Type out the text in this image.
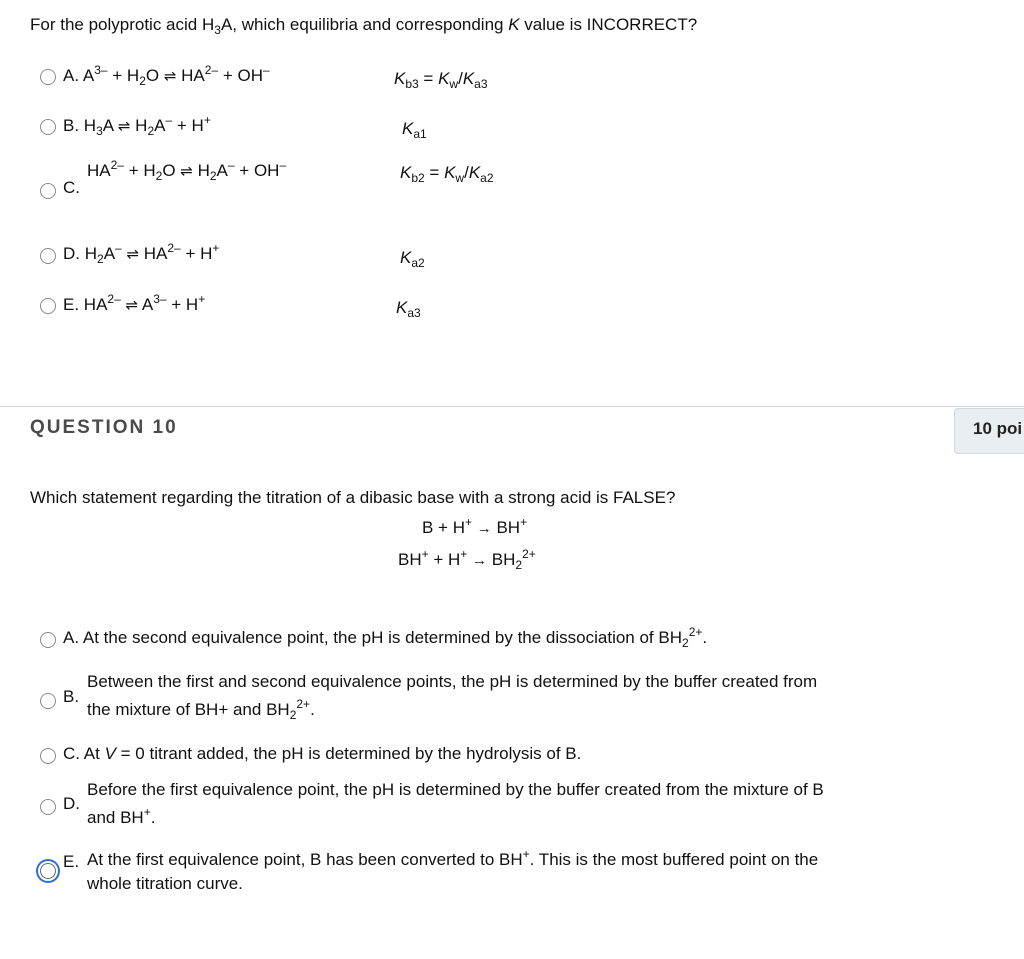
For the polyprotic acid $H_3A$, which equilibria and corresponding K value is INCORRECT?
A. $A^{3-} + H_2O$ ⇌ $HA^{2-} + OH^-$	$K_{b3} = K_w/K_{a3}$
B. $H_3A$ ⇌ $H_2A^- + H^+$	$K_{a1}$
C.
$HA^{2-} + H_2O$ ⇌ $H_2A^- + OH^-$	$K_{b2} = K_w/K_{a2}$
D. $H_2A^-$ ⇌ $HA^{2-} + H^+$	$K_{a2}$
E. $HA^{2-}$ ⇌ $A^{3-} + H^+$	$K_{a3}$
QUESTION 10	10 poi
Which statement regarding the titration of a dibasic base with a strong acid is FALSE?
B + H+ → BH+
$BH^+ + H^+ \to BH_2^{2+}$
A. At the second equivalence point, the pH is determined by the dissociation of $BH_2^{2+}$.
B.
Between the first and second equivalence points, the pH is determined by the buffer created from
the mixture of BH+ and $BH_2^{2+}$.
C. At V = 0 titrant added, the pH is determined by the hydrolysis of B.
D.
Before the first equivalence point, the pH is determined by the buffer created from the mixture of B
and BH+.
E. At the first equivalence point, B has been converted to BH+. This is the most buffered point on the
whole titration curve.
